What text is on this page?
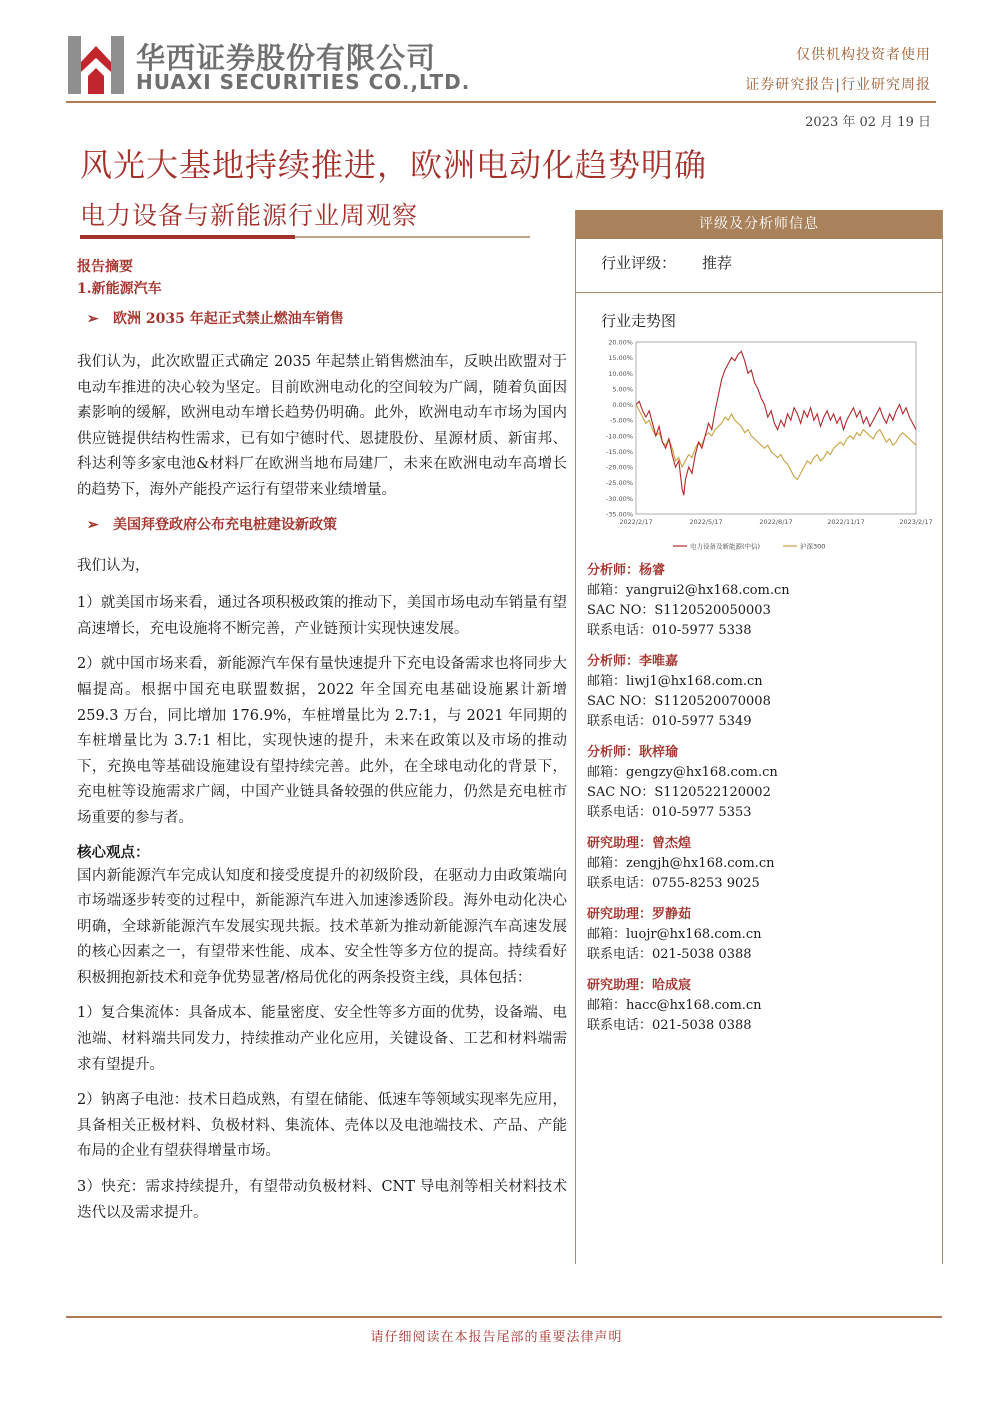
华西证券股份有限公司
HUAXI SECURITIES CO.,LTD.
仅供机构投资者使用
证券研究报告|行业研究周报
2023 年 02 月 19 日
风光大基地持续推进，欧洲电动化趋势明确
电力设备与新能源行业周观察
报告摘要
1.新能源汽车
➢ 欧洲 2035 年起正式禁止燃油车销售

我们认为，此次欧盟正式确定 2035 年起禁止销售燃油车，反映出欧盟对于电动车推进的决心较为坚定。目前欧洲电动化的空间较为广阔，随着负面因素影响的缓解，欧洲电动车增长趋势仍明确。此外，欧洲电动车市场为国内供应链提供结构性需求，已有如宁德时代、恩捷股份、星源材质、新宙邦、科达利等多家电池&材料厂在欧洲当地布局建厂，未来在欧洲电动车高增长的趋势下，海外产能投产运行有望带来业绩增量。

➢ 美国拜登政府公布充电桩建设新政策

我们认为，

1）就美国市场来看，通过各项积极政策的推动下，美国市场电动车销量有望高速增长，充电设施将不断完善，产业链预计实现快速发展。

2）就中国市场来看，新能源汽车保有量快速提升下充电设备需求也将同步大幅提高。根据中国充电联盟数据，2022 年全国充电基础设施累计新增 259.3 万台，同比增加 176.9%，车桩增量比为 2.7:1，与 2021 年同期的车桩增量比为 3.7:1 相比，实现快速的提升，未来在政策以及市场的推动下，充换电等基础设施建设有望持续完善。此外，在全球电动化的背景下，充电桩等设施需求广阔，中国产业链具备较强的供应能力，仍然是充电桩市场重要的参与者。

核心观点：

国内新能源汽车完成认知度和接受度提升的初级阶段，在驱动力由政策端向市场端逐步转变的过程中，新能源汽车进入加速渗透阶段。海外电动化决心明确，全球新能源汽车发展实现共振。技术革新为推动新能源汽车高速发展的核心因素之一，有望带来性能、成本、安全性等多方位的提高。持续看好积极拥抱新技术和竞争优势显著/格局优化的两条投资主线，具体包括：

1）复合集流体：具备成本、能量密度、安全性等多方面的优势，设备端、电池端、材料端共同发力，持续推动产业化应用，关键设备、工艺和材料端需求有望提升。

2）钠离子电池：技术日趋成熟，有望在储能、低速车等领域实现率先应用，具备相关正极材料、负极材料、集流体、壳体以及电池端技术、产品、产能布局的企业有望获得增量市场。

3）快充：需求持续提升，有望带动负极材料、CNT 导电剂等相关材料技术迭代以及需求提升。

评级及分析师信息
行业评级： 推荐
行业走势图
20.00%
15.00%
10.00%
5.00%
0.00%
-5.00%
-10.00%
-15.00%
-20.00%
-25.00%
-30.00%
-35.00%
2022/2/17	2022/5/17	2022/8/17	2022/11/17	2023/2/17
电力设备及新能源(中信)	沪深300
分析师：杨睿
邮箱：yangrui2@hx168.com.cn
SAC NO：S1120520050003
联系电话：010-5977 5338
分析师：李唯嘉
邮箱：liwj1@hx168.com.cn
SAC NO：S1120520070008
联系电话：010-5977 5349
分析师：耿梓瑜
邮箱：gengzy@hx168.com.cn
SAC NO：S1120522120002
联系电话：010-5977 5353
研究助理：曾杰煌
邮箱：zengjh@hx168.com.cn
联系电话：0755-8253 9025
研究助理：罗静茹
邮箱：luojr@hx168.com.cn
联系电话：021-5038 0388
研究助理：哈成宸
邮箱：hacc@hx168.com.cn
联系电话：021-5038 0388
请仔细阅读在本报告尾部的重要法律声明
